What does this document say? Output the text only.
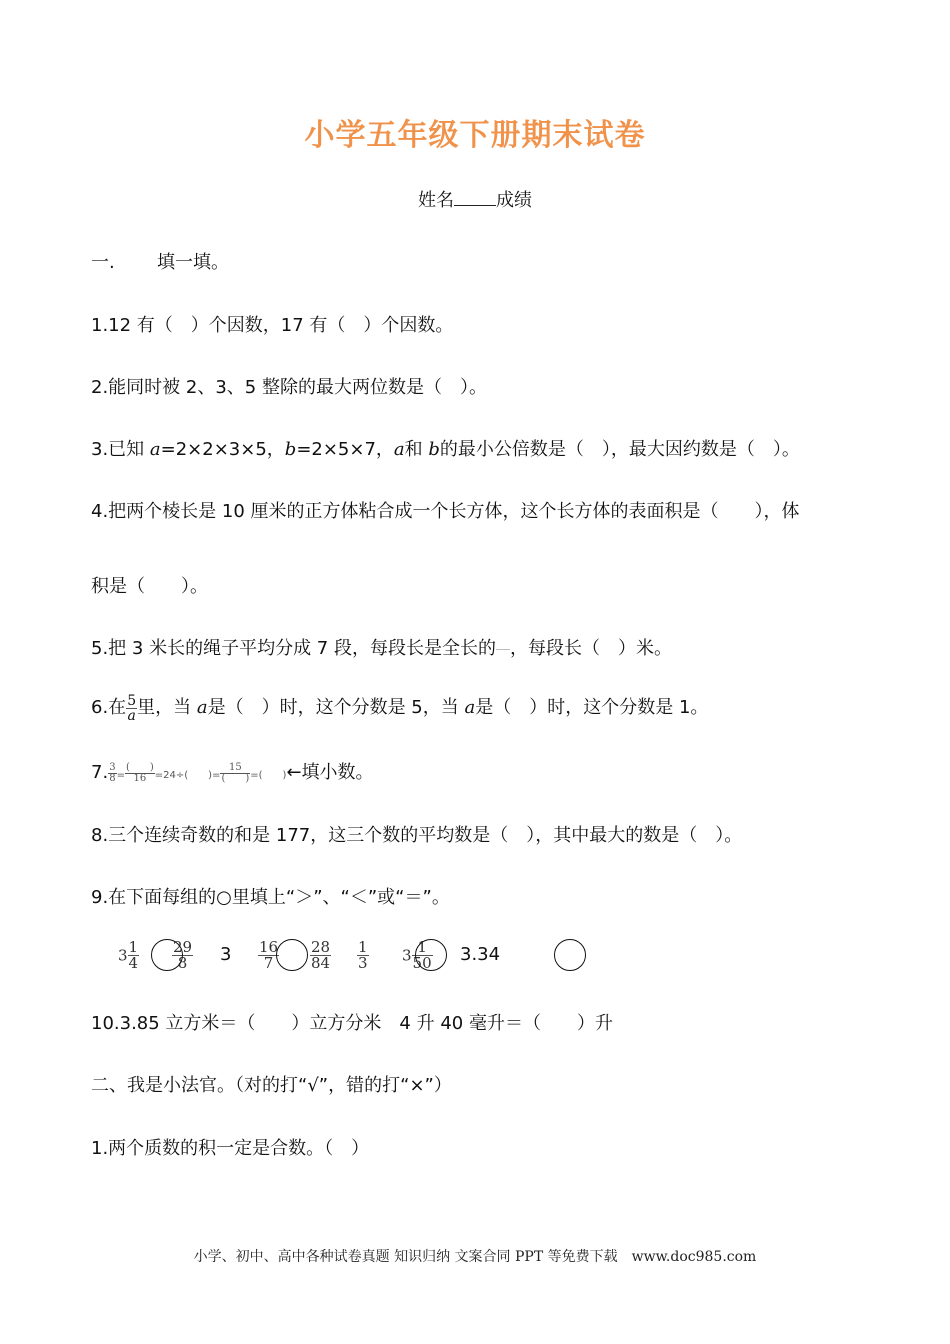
小学五年级下册期末试卷
姓名 成绩
一. 填一填。
1.12 有（　）个因数，17 有（　）个因数。
2.能同时被 2、3、5 整除的最大两位数是（　）。
3.已知 a=2×2×3×5，b=2×5×7，a和 b的最小公倍数是（　），最大因约数是（　）。
4.把两个棱长是 10 厘米的正方体粘合成一个长方体，这个长方体的表面积是（　　），体
积是（　　）。
5.把 3 米长的绳子平均分成 7 段，每段长是全长的 ，每段长（　）米。
6.在 $\frac{5}{a}$ 里，当 a是（　）时，这个分数是 5，当 a是（　）时，这个分数是 1。
7. $\frac{3}{8} = \frac{( )}{16} =24\div$(　　)= $\frac{15}{( )}$ =(　　)←填小数。
8.三个连续奇数的和是 177，这三个数的平均数是（　），其中最大的数是（　）。
9.在下面每组的○里填上“＞”、“＜”或“＝”。
$3 \frac{1}{4} \frac{29}{8} 3 \frac{16}{7} \frac{28}{84} \frac{1}{3} 3 \frac{1}{50} 3.34$
10.3.85 立方米＝（　　）立方分米　4 升 40 毫升＝（　　）升
二、我是小法官。（对的打“√”，错的打“×”）
1.两个质数的积一定是合数。（　）
小学、初中、高中各种试卷真题 知识归纳 文案合同 PPT 等免费下载　www.doc985.com
